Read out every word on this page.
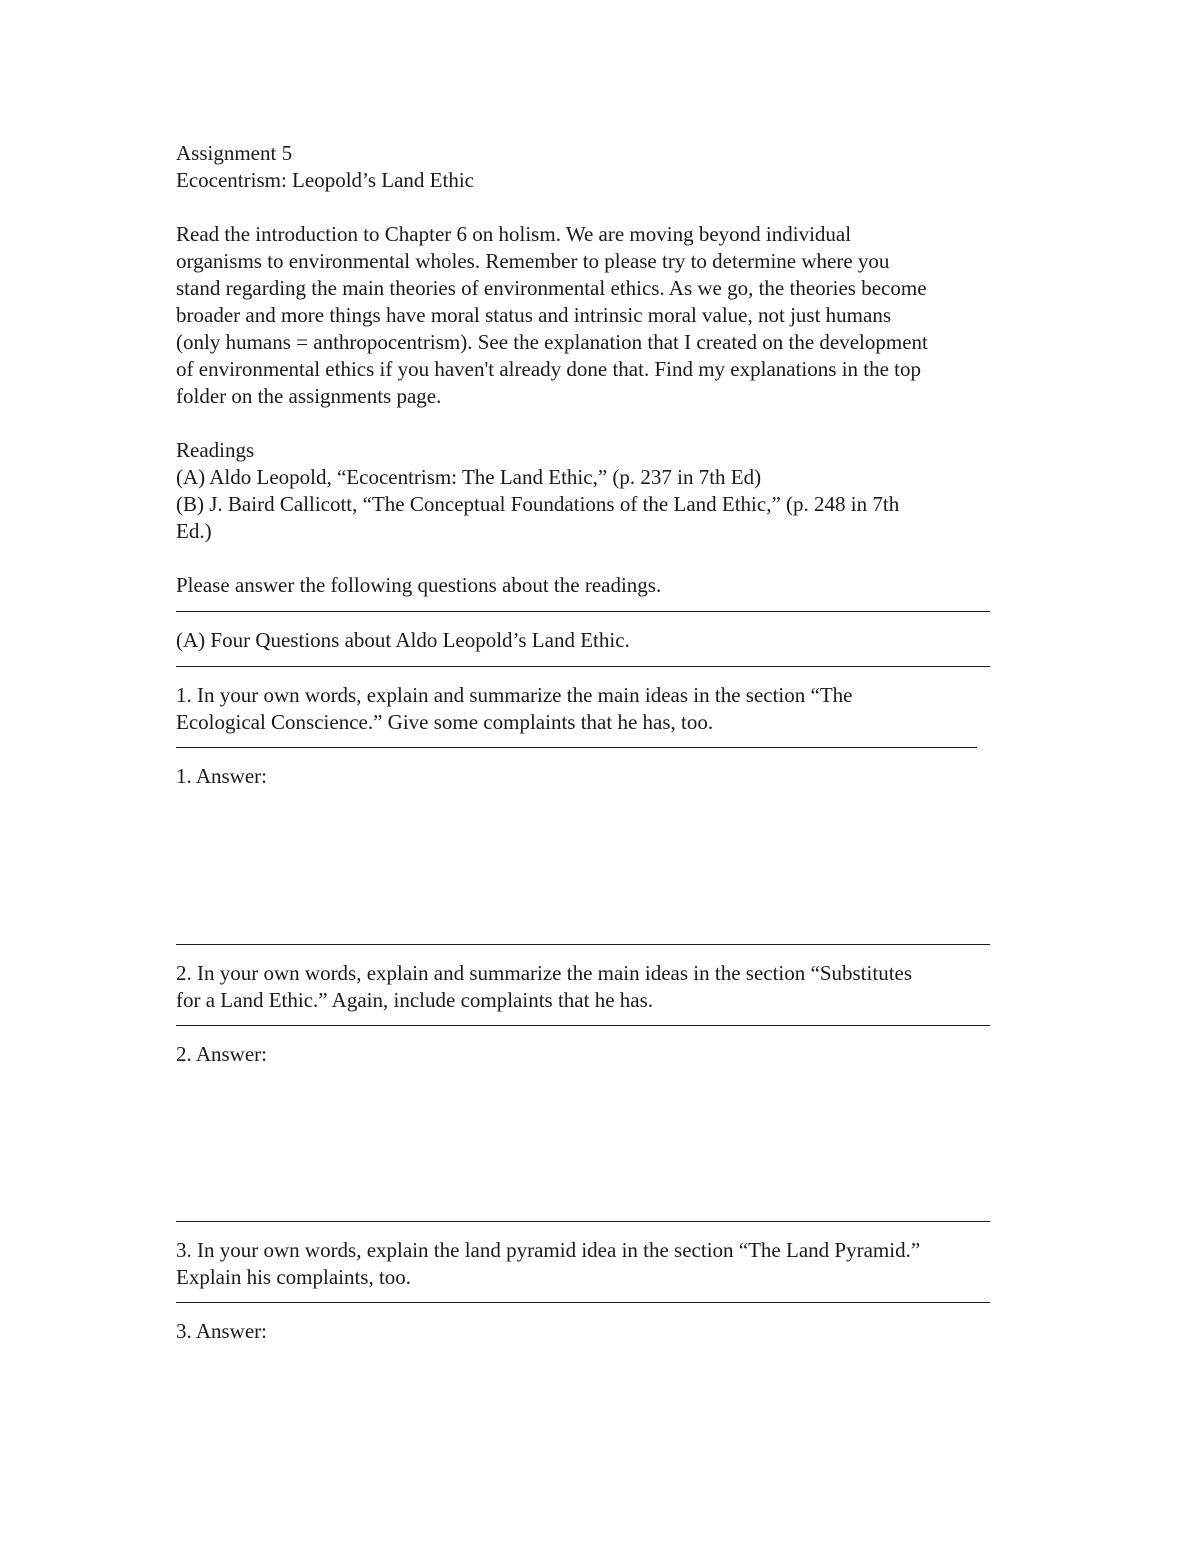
Assignment 5
Ecocentrism: Leopold’s Land Ethic
Read the introduction to Chapter 6 on holism. We are moving beyond individual
organisms to environmental wholes. Remember to please try to determine where you
stand regarding the main theories of environmental ethics. As we go, the theories become
broader and more things have moral status and intrinsic moral value, not just humans
(only humans = anthropocentrism). See the explanation that I created on the development
of environmental ethics if you haven't already done that. Find my explanations in the top
folder on the assignments page.
Readings
(A) Aldo Leopold, “Ecocentrism: The Land Ethic,” (p. 237 in 7th Ed)
(B) J. Baird Callicott, “The Conceptual Foundations of the Land Ethic,” (p. 248 in 7th
Ed.)
Please answer the following questions about the readings.
(A) Four Questions about Aldo Leopold’s Land Ethic.
1. In your own words, explain and summarize the main ideas in the section “The
Ecological Conscience.” Give some complaints that he has, too.
1. Answer:
2. In your own words, explain and summarize the main ideas in the section “Substitutes
for a Land Ethic.” Again, include complaints that he has.
2. Answer:
3. In your own words, explain the land pyramid idea in the section “The Land Pyramid.”
Explain his complaints, too.
3. Answer:
